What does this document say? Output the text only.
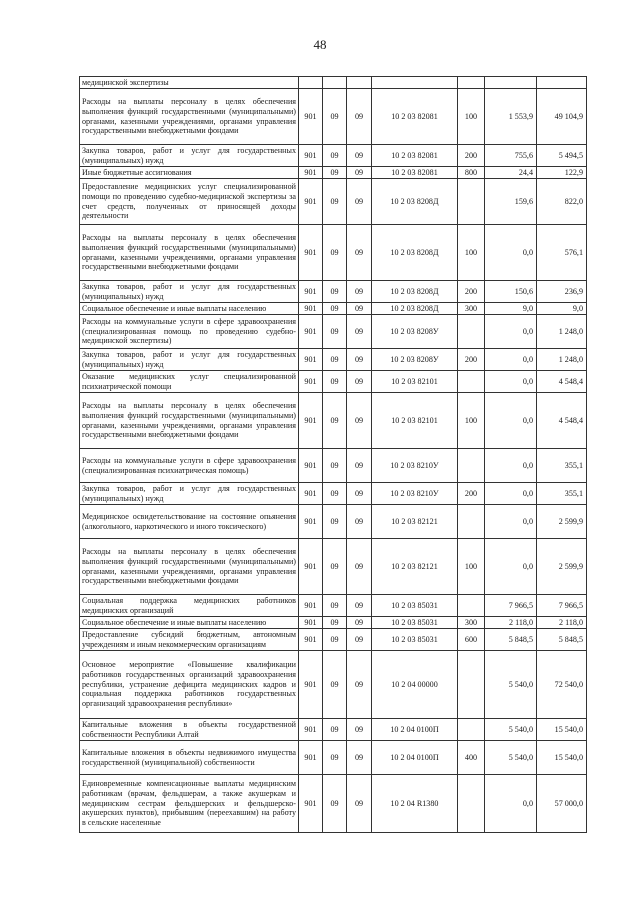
48
медицинской экспертизы							
Расходы на выплаты персоналу в целях обеспечения выполнения функций государственными (муниципальными) органами, казенными учреждениями, органами управления государственными внебюджетными фондами	901	09	09	10 2 03 82081	100	1 553,9	49 104,9
Закупка товаров, работ и услуг для государственных (муниципальных) нужд	901	09	09	10 2 03 82081	200	755,6	5 494,5
Иные бюджетные ассигнования	901	09	09	10 2 03 82081	800	24,4	122,9
Предоставление медицинских услуг специализированной помощи по проведению судебно-медицинской экспертизы за счет средств, полученных от приносящей доходы деятельности	901	09	09	10 2 03 8208Д		159,6	822,0
Расходы на выплаты персоналу в целях обеспечения выполнения функций государственными (муниципальными) органами, казенными учреждениями, органами управления государственными внебюджетными фондами	901	09	09	10 2 03 8208Д	100	0,0	576,1
Закупка товаров, работ и услуг для государственных (муниципальных) нужд	901	09	09	10 2 03 8208Д	200	150,6	236,9
Социальное обеспечение и иные выплаты населению	901	09	09	10 2 03 8208Д	300	9,0	9,0
Расходы на коммунальные услуги в сфере здравоохранения (специализированная помощь по проведению судебно-медицинской экспертизы)	901	09	09	10 2 03 8208У		0,0	1 248,0
Закупка товаров, работ и услуг для государственных (муниципальных) нужд	901	09	09	10 2 03 8208У	200	0,0	1 248,0
Оказание медицинских услуг специализированной психиатрической помощи	901	09	09	10 2 03 82101		0,0	4 548,4
Расходы на выплаты персоналу в целях обеспечения выполнения функций государственными (муниципальными) органами, казенными учреждениями, органами управления государственными внебюджетными фондами	901	09	09	10 2 03 82101	100	0,0	4 548,4
Расходы на коммунальные услуги в сфере здравоохранения (специализированная психиатрическая помощь)	901	09	09	10 2 03 8210У		0,0	355,1
Закупка товаров, работ и услуг для государственных (муниципальных) нужд	901	09	09	10 2 03 8210У	200	0,0	355,1
Медицинское освидетельствование на состояние опьянения (алкогольного, наркотического и иного токсического)	901	09	09	10 2 03 82121		0,0	2 599,9
Расходы на выплаты персоналу в целях обеспечения выполнения функций государственными (муниципальными) органами, казенными учреждениями, органами управления государственными внебюджетными фондами	901	09	09	10 2 03 82121	100	0,0	2 599,9
Социальная поддержка медицинских работников медицинских организаций	901	09	09	10 2 03 85031		7 966,5	7 966,5
Социальное обеспечение и иные выплаты населению	901	09	09	10 2 03 85031	300	2 118,0	2 118,0
Предоставление субсидий бюджетным, автономным учреждениям и иным некоммерческим организациям	901	09	09	10 2 03 85031	600	5 848,5	5 848,5
Основное мероприятие «Повышение квалификации работников государственных организаций здравоохранения республики, устранение дефицита медицинских кадров и социальная поддержка работников государственных организаций здравоохранения республики»	901	09	09	10 2 04 00000		5 540,0	72 540,0
Капитальные вложения в объекты государственной собственности Республики Алтай	901	09	09	10 2 04 0100П		5 540,0	15 540,0
Капитальные вложения в объекты недвижимого имущества государственной (муниципальной) собственности	901	09	09	10 2 04 0100П	400	5 540,0	15 540,0
Единовременные компенсационные выплаты медицинским работникам (врачам, фельдшерам, а также акушеркам и медицинским сестрам фельдшерских и фельдшерско-акушерских пунктов), прибывшим (переехавшим) на работу в сельские населенные	901	09	09	10 2 04 R1380		0,0	57 000,0
